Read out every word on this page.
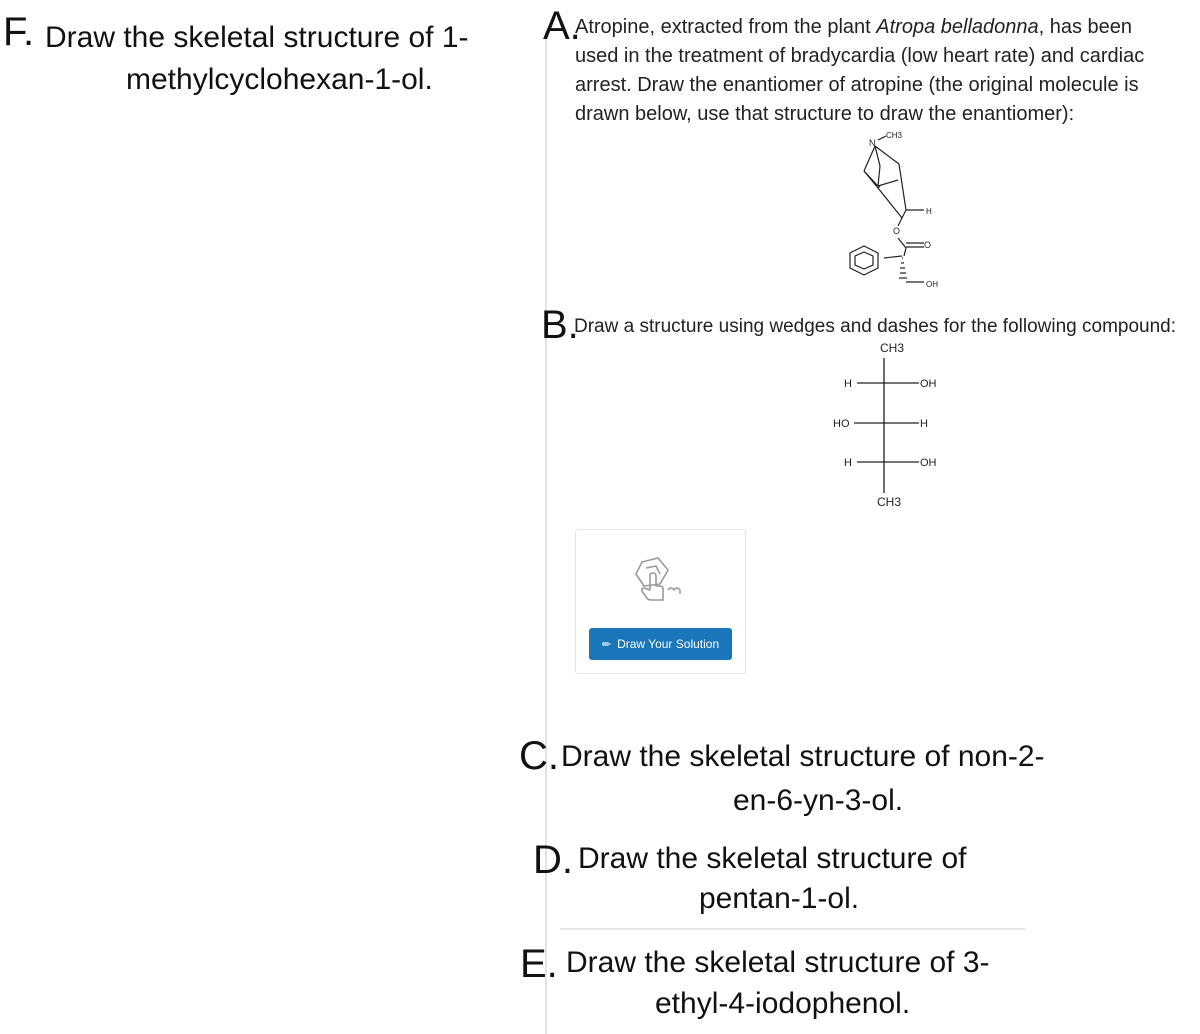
F. Draw the skeletal structure of 1-
methylcyclohexan-1-ol.
A.
Atropine, extracted from the plant Atropa belladonna, has been
used in the treatment of bradycardia (low heart rate) and cardiac
arrest. Draw the enantiomer of atropine (the original molecule is
drawn below, use that structure to draw the enantiomer):
N
CH3
H
O
O
OH
B.
Draw a structure using wedges and dashes for the following compound:
CH3
H	OH
HO	H
H	OH
CH3
✏ Draw Your Solution
C. Draw the skeletal structure of non-2-
en-6-yn-3-ol.
D. Draw the skeletal structure of
pentan-1-ol.
E. Draw the skeletal structure of 3-
ethyl-4-iodophenol.
